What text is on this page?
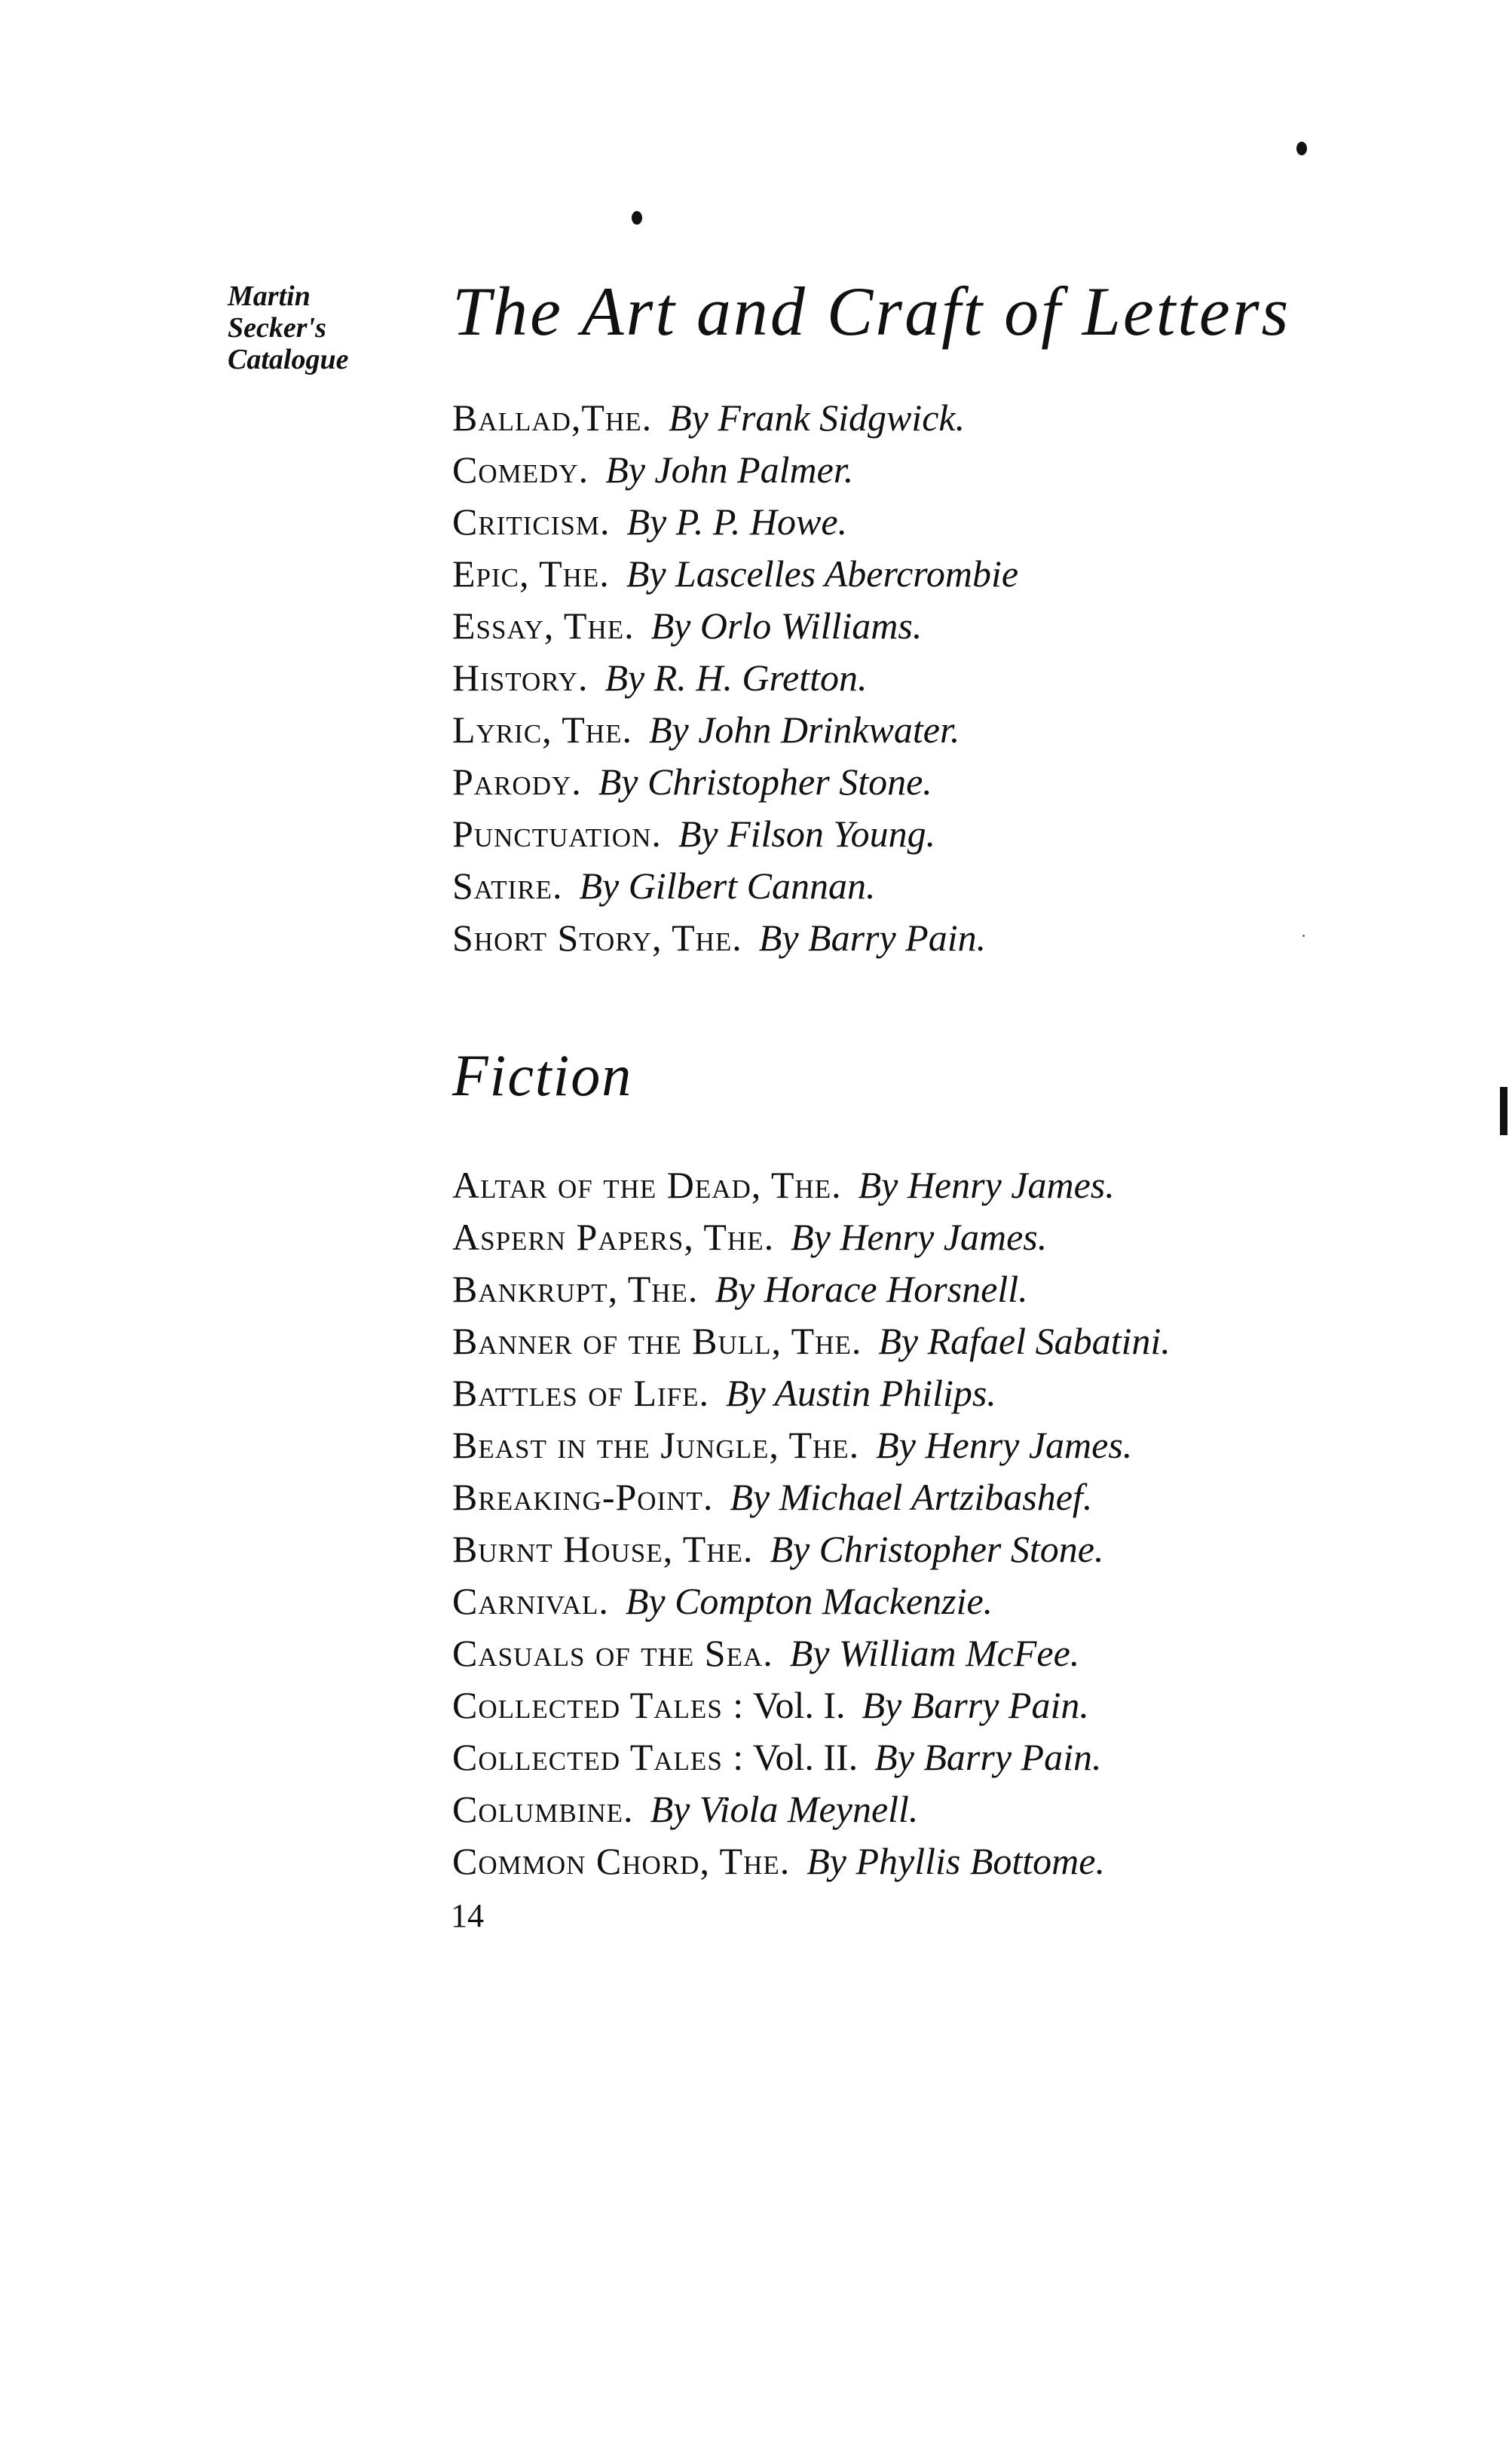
Martin
Secker's
Catalogue
The Art and Craft of Letters
Ballad,The. By Frank Sidgwick.
Comedy. By John Palmer.
Criticism. By P. P. Howe.
Epic, The. By Lascelles Abercrombie
Essay, The. By Orlo Williams.
History. By R. H. Gretton.
Lyric, The. By John Drinkwater.
Parody. By Christopher Stone.
Punctuation. By Filson Young.
Satire. By Gilbert Cannan.
Short Story, The. By Barry Pain.
Fiction
Altar of the Dead, The. By Henry James.
Aspern Papers, The. By Henry James.
Bankrupt, The. By Horace Horsnell.
Banner of the Bull, The. By Rafael Sabatini.
Battles of Life. By Austin Philips.
Beast in the Jungle, The. By Henry James.
Breaking-Point. By Michael Artzibashef.
Burnt House, The. By Christopher Stone.
Carnival. By Compton Mackenzie.
Casuals of the Sea. By William McFee.
Collected Tales : Vol. I. By Barry Pain.
Collected Tales : Vol. II. By Barry Pain.
Columbine. By Viola Meynell.
Common Chord, The. By Phyllis Bottome.
14
